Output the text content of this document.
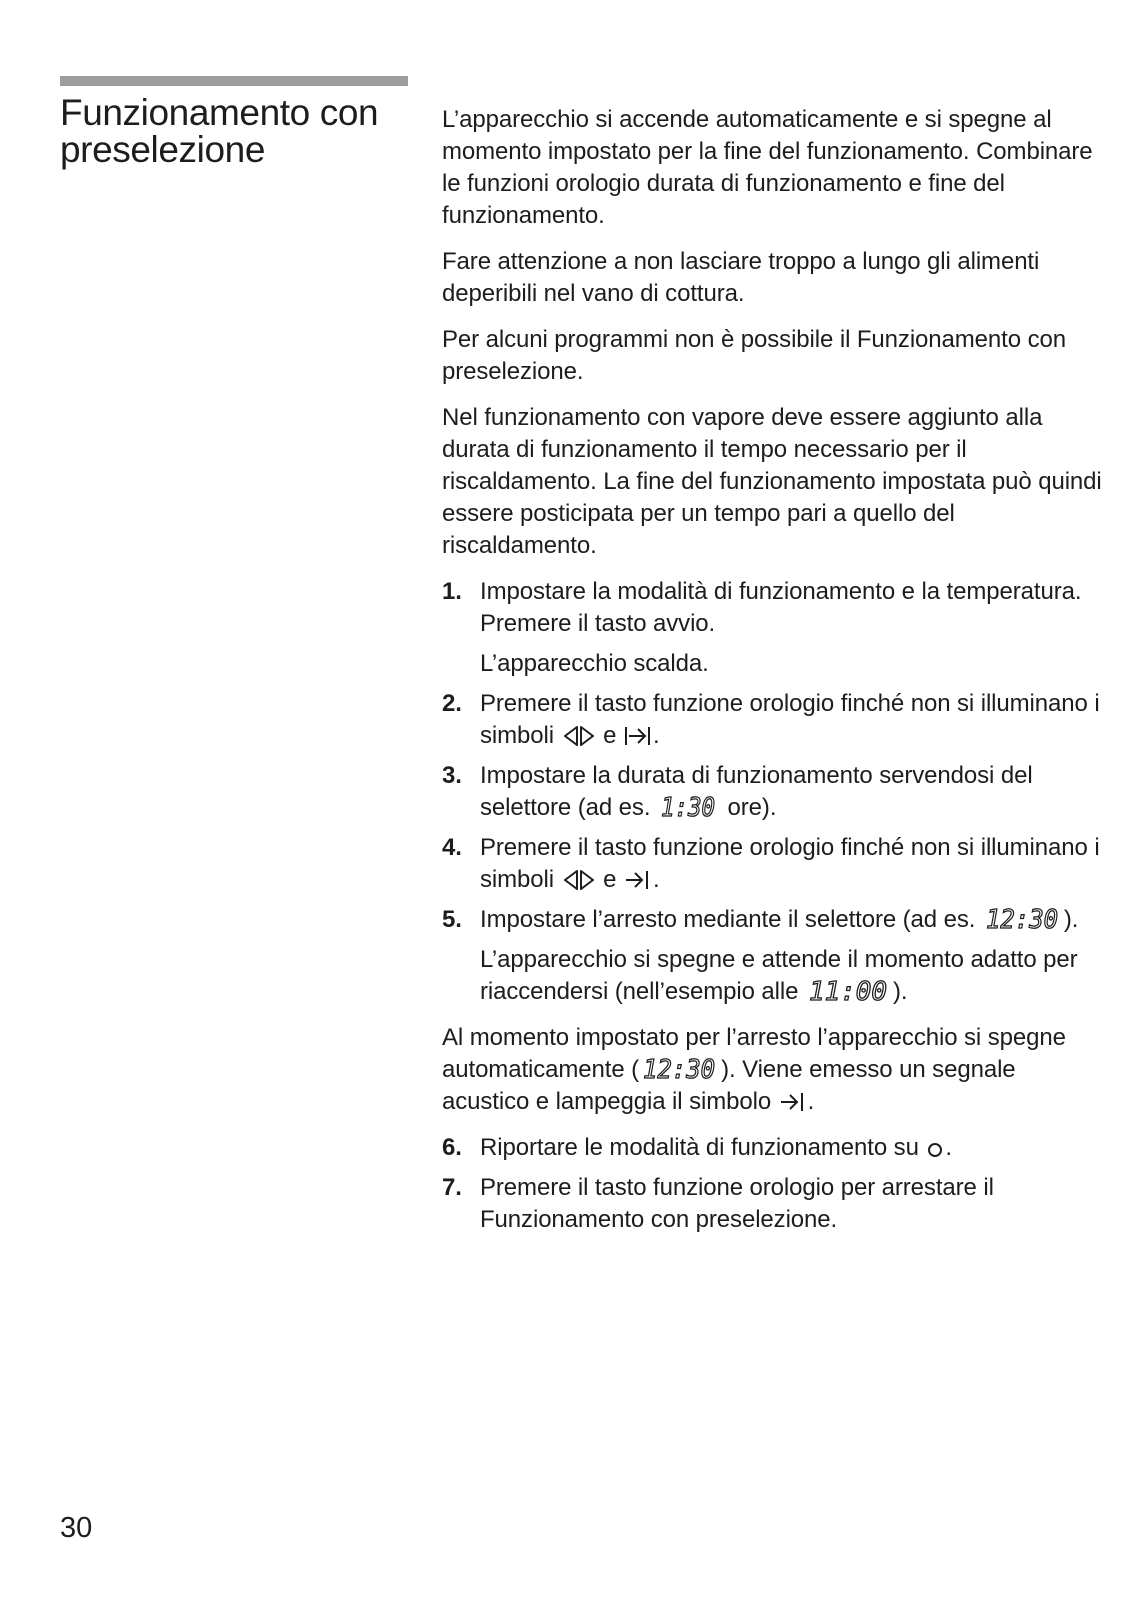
Funzionamento con
preselezione

L’apparecchio si accende automaticamente e si spegne al momento impostato per la fine del funzionamento. Combinare le funzioni orologio durata di funzionamento e fine del funzionamento.

Fare attenzione a non lasciare troppo a lungo gli alimenti deperibili nel vano di cottura.

Per alcuni programmi non è possibile il Funzionamento con preselezione.

Nel funzionamento con vapore deve essere aggiunto alla durata di funzionamento il tempo necessario per il riscaldamento. La fine del funzionamento impostata può quindi essere posticipata per un tempo pari a quello del riscaldamento.

1. Impostare la modalità di funzionamento e la temperatura. Premere il tasto avvio.

L’apparecchio scalda.

2. Premere il tasto funzione orologio finché non si illuminano i simboli e .

3. Impostare la durata di funzionamento servendosi del selettore (ad es. 1:30 ore).

4. Premere il tasto funzione orologio finché non si illuminano i simboli e .

5. Impostare l’arresto mediante il selettore (ad es. 12:30 ).

L’apparecchio si spegne e attende il momento adatto per riaccendersi (nell’esempio alle 11:00 ).

Al momento impostato per l’arresto l’apparecchio si spegne automaticamente ( 12:30 ). Viene emesso un segnale acustico e lampeggia il simbolo .

6. Riportare le modalità di funzionamento su .

7. Premere il tasto funzione orologio per arrestare il Funzionamento con preselezione.

30
